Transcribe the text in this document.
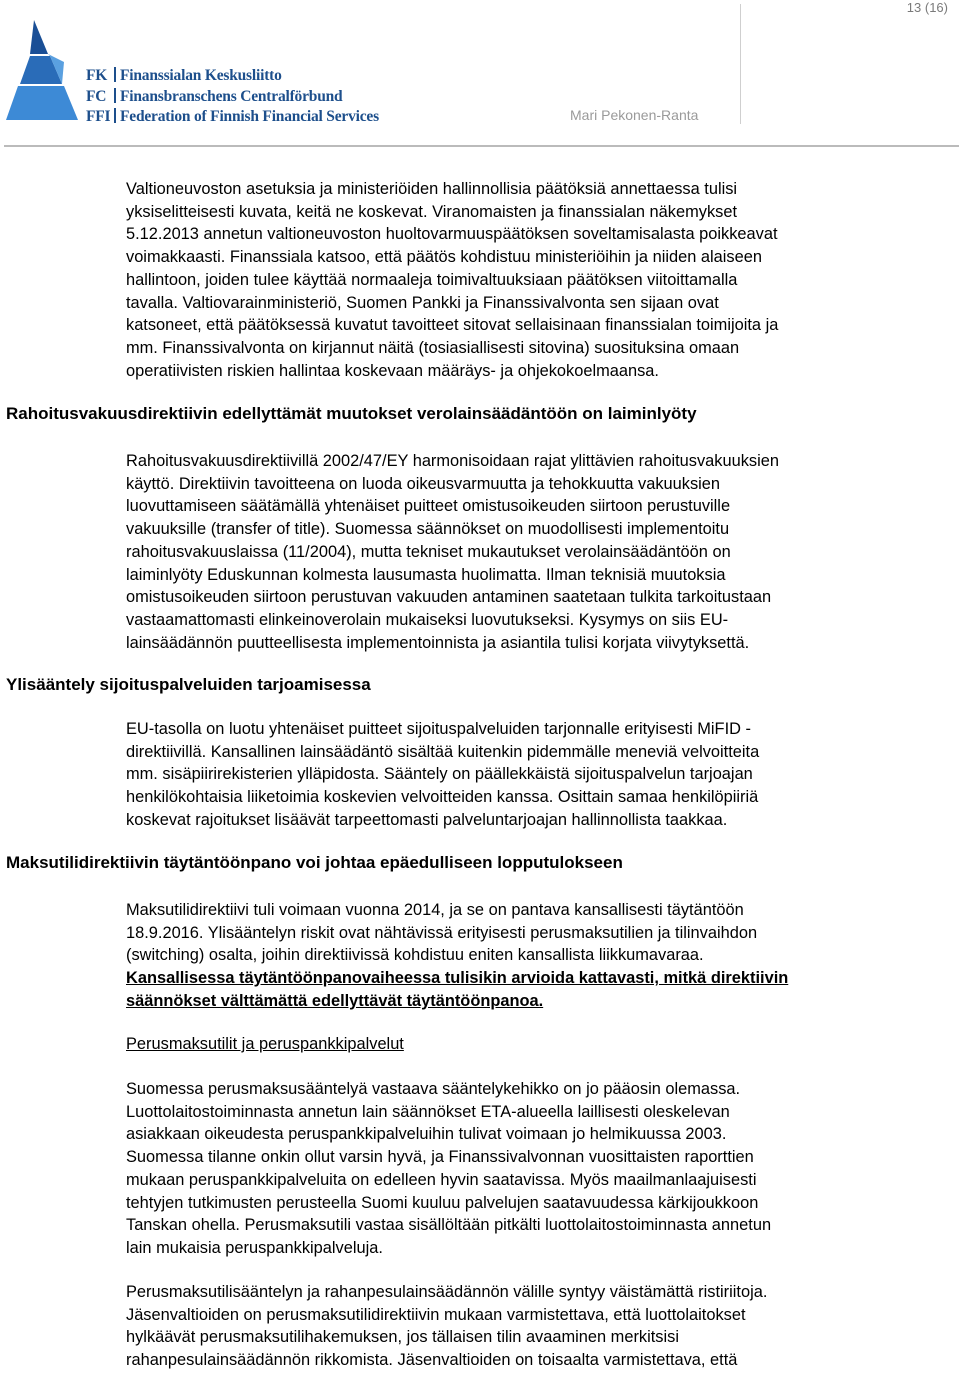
FK Finanssialan Keskusliitto
FC Finansbranschens Centralförbund
FFI Federation of Finnish Financial Services
13 (16)
Mari Pekonen-Ranta
Valtioneuvoston asetuksia ja ministeriöiden hallinnollisia päätöksiä annettaessa tulisi
yksiselitteisesti kuvata, keitä ne koskevat. Viranomaisten ja finanssialan näkemykset
5.12.2013 annetun valtioneuvoston huoltovarmuuspäätöksen soveltamisalasta poikkeavat
voimakkaasti. Finanssiala katsoo, että päätös kohdistuu ministeriöihin ja niiden alaiseen
hallintoon, joiden tulee käyttää normaaleja toimivaltuuksiaan päätöksen viitoittamalla
tavalla. Valtiovarainministeriö, Suomen Pankki ja Finanssivalvonta sen sijaan ovat
katsoneet, että päätöksessä kuvatut tavoitteet sitovat sellaisinaan finanssialan toimijoita ja
mm. Finanssivalvonta on kirjannut näitä (tosiasiallisesti sitovina) suosituksina omaan
operatiivisten riskien hallintaa koskevaan määräys- ja ohjekokoelmaansa.
Rahoitusvakuusdirektiivin edellyttämät muutokset verolainsäädäntöön on laiminlyöty
Rahoitusvakuusdirektiivillä 2002/47/EY harmonisoidaan rajat ylittävien rahoitusvakuuksien
käyttö. Direktiivin tavoitteena on luoda oikeusvarmuutta ja tehokkuutta vakuuksien
luovuttamiseen säätämällä yhtenäiset puitteet omistusoikeuden siirtoon perustuville
vakuuksille (transfer of title). Suomessa säännökset on muodollisesti implementoitu
rahoitusvakuuslaissa (11/2004), mutta tekniset mukautukset verolainsäädäntöön on
laiminlyöty Eduskunnan kolmesta lausumasta huolimatta. Ilman teknisiä muutoksia
omistusoikeuden siirtoon perustuvan vakuuden antaminen saatetaan tulkita tarkoitustaan
vastaamattomasti elinkeinoverolain mukaiseksi luovutukseksi. Kysymys on siis EU-
lainsäädännön puutteellisesta implementoinnista ja asiantila tulisi korjata viivytyksettä.
Ylisääntely sijoituspalveluiden tarjoamisessa
EU-tasolla on luotu yhtenäiset puitteet sijoituspalveluiden tarjonnalle erityisesti MiFID -
direktiivillä. Kansallinen lainsäädäntö sisältää kuitenkin pidemmälle meneviä velvoitteita
mm. sisäpiirirekisterien ylläpidosta. Sääntely on päällekkäistä sijoituspalvelun tarjoajan
henkilökohtaisia liiketoimia koskevien velvoitteiden kanssa. Osittain samaa henkilöpiiriä
koskevat rajoitukset lisäävät tarpeettomasti palveluntarjoajan hallinnollista taakkaa.
Maksutilidirektiivin täytäntöönpano voi johtaa epäedulliseen lopputulokseen
Maksutilidirektiivi tuli voimaan vuonna 2014, ja se on pantava kansallisesti täytäntöön
18.9.2016. Ylisääntelyn riskit ovat nähtävissä erityisesti perusmaksutilien ja tilinvaihdon
(switching) osalta, joihin direktiivissä kohdistuu eniten kansallista liikkumavaraa.
Kansallisessa täytäntöönpanovaiheessa tulisikin arvioida kattavasti, mitkä direktiivin
säännökset välttämättä edellyttävät täytäntöönpanoa.
Perusmaksutilit ja peruspankkipalvelut
Suomessa perusmaksusääntelyä vastaava sääntelykehikko on jo pääosin olemassa.
Luottolaitostoiminnasta annetun lain säännökset ETA-alueella laillisesti oleskelevan
asiakkaan oikeudesta peruspankkipalveluihin tulivat voimaan jo helmikuussa 2003.
Suomessa tilanne onkin ollut varsin hyvä, ja Finanssivalvonnan vuosittaisten raporttien
mukaan peruspankkipalveluita on edelleen hyvin saatavissa. Myös maailmanlaajuisesti
tehtyjen tutkimusten perusteella Suomi kuuluu palvelujen saatavuudessa kärkijoukkoon
Tanskan ohella. Perusmaksutili vastaa sisällöltään pitkälti luottolaitostoiminnasta annetun
lain mukaisia peruspankkipalveluja.
Perusmaksutilisääntelyn ja rahanpesulainsäädännön välille syntyy väistämättä ristiriitoja.
Jäsenvaltioiden on perusmaksutilidirektiivin mukaan varmistettava, että luottolaitokset
hylkäävät perusmaksutilihakemuksen, jos tällaisen tilin avaaminen merkitsisi
rahanpesulainsäädännön rikkomista. Jäsenvaltioiden on toisaalta varmistettava, että
